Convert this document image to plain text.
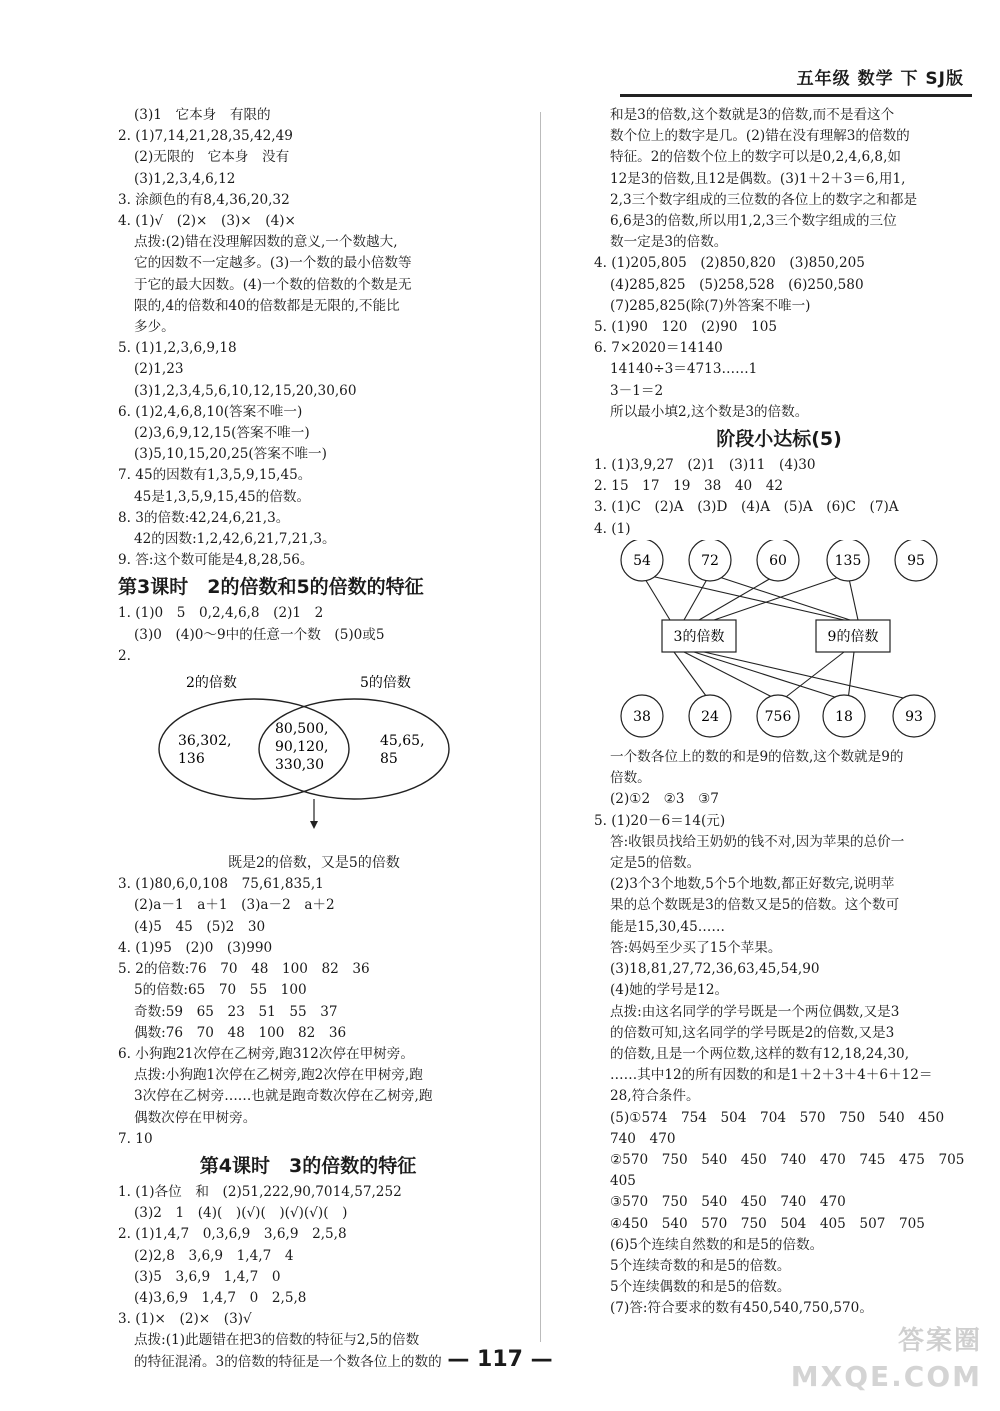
五年级 数学 下 SJ版

(3)1　它本身　有限的

2. (1)7,14,21,28,35,42,49

(2)无限的　它本身　没有

(3)1,2,3,4,6,12

3. 涂颜色的有8,4,36,20,32

4. (1)√　(2)×　(3)×　(4)×

点拨:(2)错在没理解因数的意义,一个数越大,

它的因数不一定越多。(3)一个数的最小倍数等

于它的最大因数。(4)一个数的倍数的个数是无

限的,4的倍数和40的倍数都是无限的,不能比

多少。

5. (1)1,2,3,6,9,18

(2)1,23

(3)1,2,3,4,5,6,10,12,15,20,30,60

6. (1)2,4,6,8,10(答案不唯一)

(2)3,6,9,12,15(答案不唯一)

(3)5,10,15,20,25(答案不唯一)

7. 45的因数有1,3,5,9,15,45。

45是1,3,5,9,15,45的倍数。

8. 3的倍数:42,24,6,21,3。

42的因数:1,2,42,6,21,7,21,3。

9. 答:这个数可能是4,8,28,56。

第3课时　2的倍数和5的倍数的特征

1. (1)0　5　0,2,4,6,8　(2)1　2

(3)0　(4)0～9中的任意一个数　(5)0或5

2.

2的倍数	5的倍数
36,302,
136
80,500,
90,120,
330,30
45,65,
85
既是2的倍数，又是5的倍数

3. (1)80,6,0,108　75,61,835,1

(2)a－1　a＋1　(3)a－2　a＋2

(4)5　45　(5)2　30

4. (1)95　(2)0　(3)990

5. 2的倍数:76　70　48　100　82　36

5的倍数:65　70　55　100

奇数:59　65　23　51　55　37

偶数:76　70　48　100　82　36

6. 小狗跑21次停在乙树旁,跑312次停在甲树旁。

点拨:小狗跑1次停在乙树旁,跑2次停在甲树旁,跑

3次停在乙树旁……也就是跑奇数次停在乙树旁,跑

偶数次停在甲树旁。

7. 10

第4课时　3的倍数的特征

1. (1)各位　和　(2)51,222,90,7014,57,252

(3)2　1　(4)(　)(√)(　)(√)(√)(　)

2. (1)1,4,7　0,3,6,9　3,6,9　2,5,8

(2)2,8　3,6,9　1,4,7　4

(3)5　3,6,9　1,4,7　0

(4)3,6,9　1,4,7　0　2,5,8

3. (1)×　(2)×　(3)√

点拨:(1)此题错在把3的倍数的特征与2,5的倍数

的特征混淆。3的倍数的特征是一个数各位上的数的

和是3的倍数,这个数就是3的倍数,而不是看这个

数个位上的数字是几。(2)错在没有理解3的倍数的

特征。2的倍数个位上的数字可以是0,2,4,6,8,如

12是3的倍数,且12是偶数。(3)1＋2＋3＝6,用1,

2,3三个数字组成的三位数的各位上的数字之和都是

6,6是3的倍数,所以用1,2,3三个数字组成的三位

数一定是3的倍数。

4. (1)205,805　(2)850,820　(3)850,205

(4)285,825　(5)258,528　(6)250,580

(7)285,825(除(7)外答案不唯一)

5. (1)90　120　(2)90　105

6. 7×2020＝14140

14140÷3＝4713……1

3－1＝2

所以最小填2,这个数是3的倍数。

阶段小达标(5)

1. (1)3,9,27　(2)1　(3)11　(4)30

2. 15　17　19　38　40　42

3. (1)C　(2)A　(3)D　(4)A　(5)A　(6)C　(7)A

4. (1)

54	72	60	135	95
3的倍数	9的倍数
38	24	756	18	93

一个数各位上的数的和是9的倍数,这个数就是9的

倍数。

(2)①2　②3　③7

5. (1)20－6＝14(元)

答:收银员找给王奶奶的钱不对,因为苹果的总价一

定是5的倍数。

(2)3个3个地数,5个5个地数,都正好数完,说明苹

果的总个数既是3的倍数又是5的倍数。这个数可

能是15,30,45……

答:妈妈至少买了15个苹果。

(3)18,81,27,72,36,63,45,54,90

(4)她的学号是12。

点拨:由这名同学的学号既是一个两位偶数,又是3

的倍数可知,这名同学的学号既是2的倍数,又是3

的倍数,且是一个两位数,这样的数有12,18,24,30,

……其中12的所有因数的和是1＋2＋3＋4＋6＋12＝

28,符合条件。

(5)①574　754　504　704　570　750　540　450

740　470

②570　750　540　450　740　470　745　475　705

405

③570　750　540　450　740　470

④450　540　570　750　504　405　507　705

(6)5个连续自然数的和是5的倍数。

5个连续奇数的和是5的倍数。

5个连续偶数的和是5的倍数。

(7)答:符合要求的数有450,540,750,570。

— 117 —
答案圈
MXQE.COM
